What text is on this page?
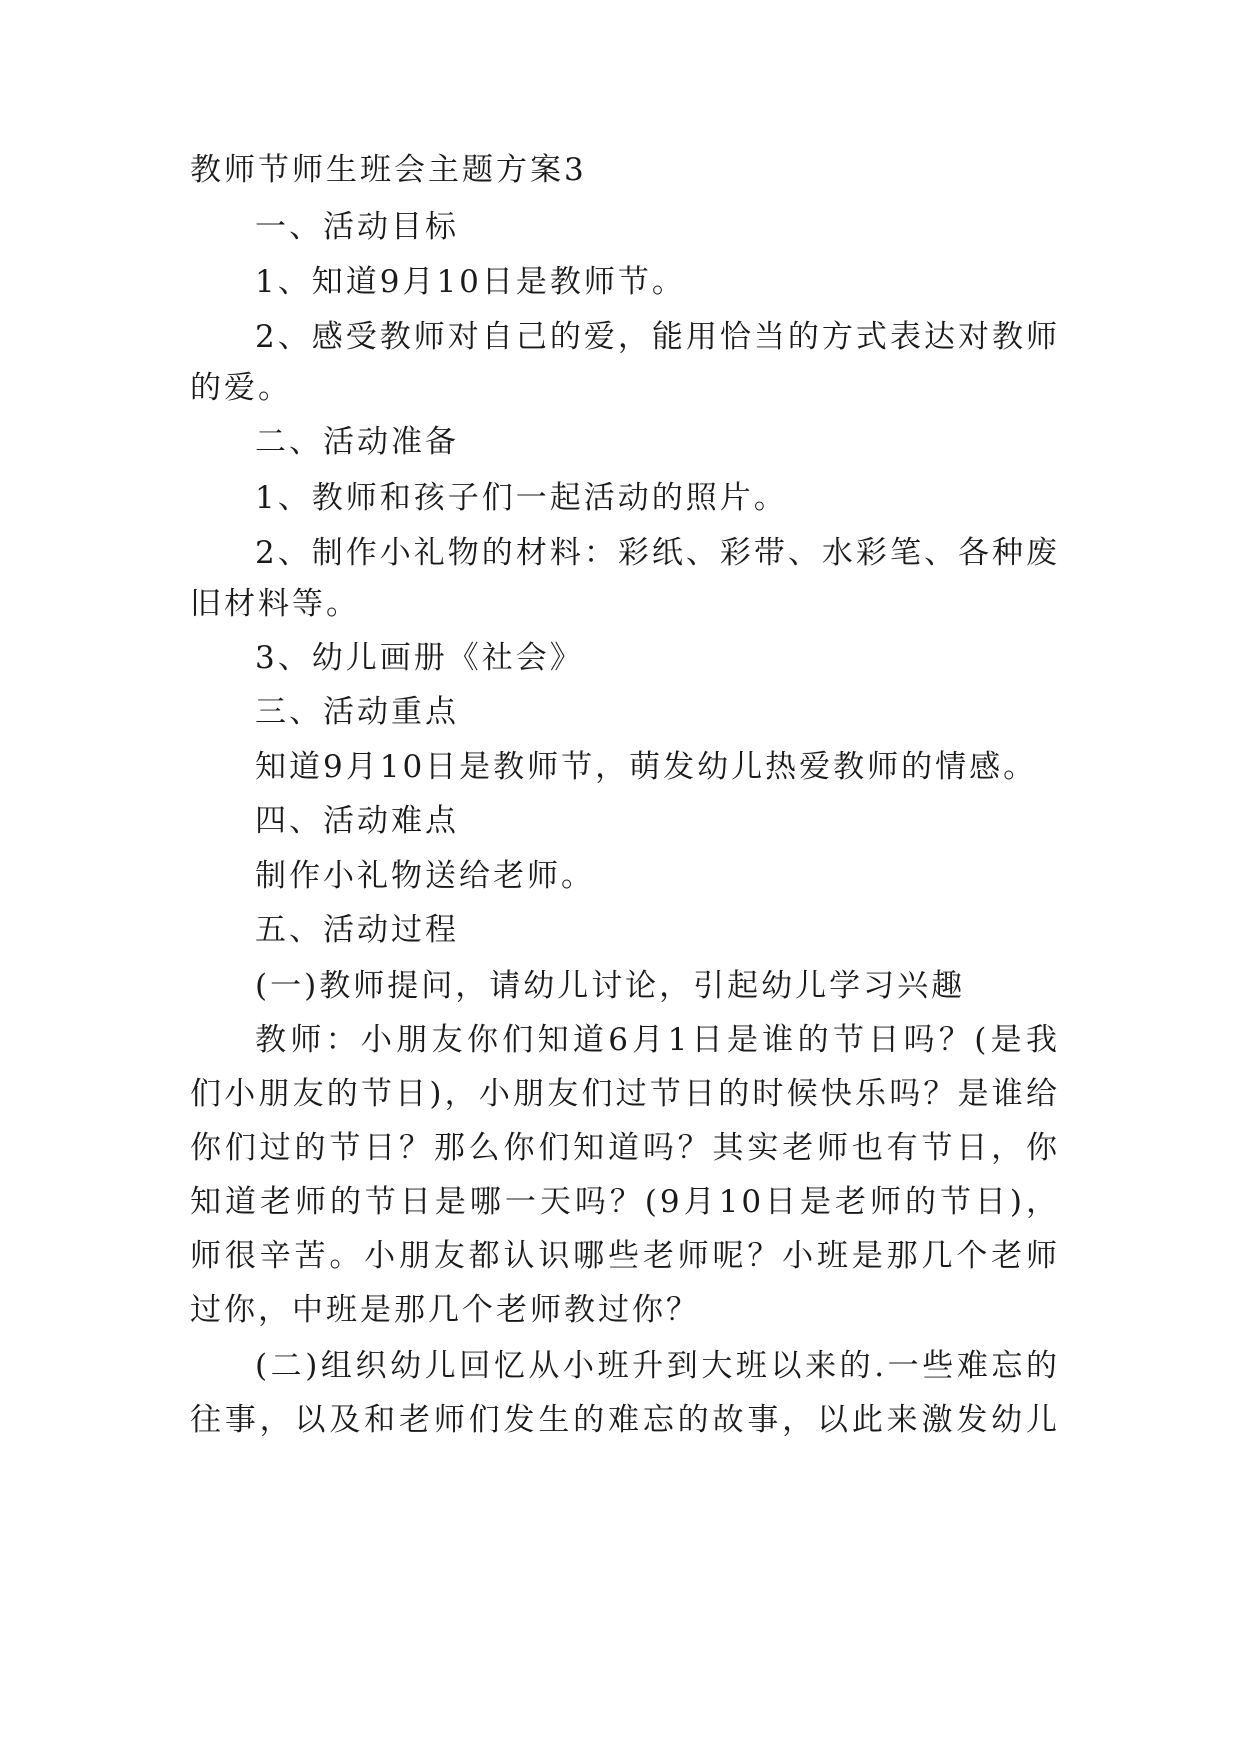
教师节师生班会主题方案3
一、活动目标
1、知道9月10日是教师节。
2、感受教师对自己的爱，能用恰当的方式表达对教师
的爱。
二、活动准备
1、教师和孩子们一起活动的照片。
2、制作小礼物的材料：彩纸、彩带、水彩笔、各种废
旧材料等。
3、幼儿画册《社会》
三、活动重点
知道9月10日是教师节，萌发幼儿热爱教师的情感。
四、活动难点
制作小礼物送给老师。
五、活动过程
(一)教师提问，请幼儿讨论，引起幼儿学习兴趣
教师：小朋友你们知道6月1日是谁的节日吗？(是我
们小朋友的节日)，小朋友们过节日的时候快乐吗？是谁给
你们过的节日？那么你们知道吗？其实老师也有节日，你
知道老师的节日是哪一天吗？(9月10日是老师的节日)，
师很辛苦。小朋友都认识哪些老师呢？小班是那几个老师
过你，中班是那几个老师教过你？
(二)组织幼儿回忆从小班升到大班以来的.一些难忘的
往事，以及和老师们发生的难忘的故事，以此来激发幼儿
